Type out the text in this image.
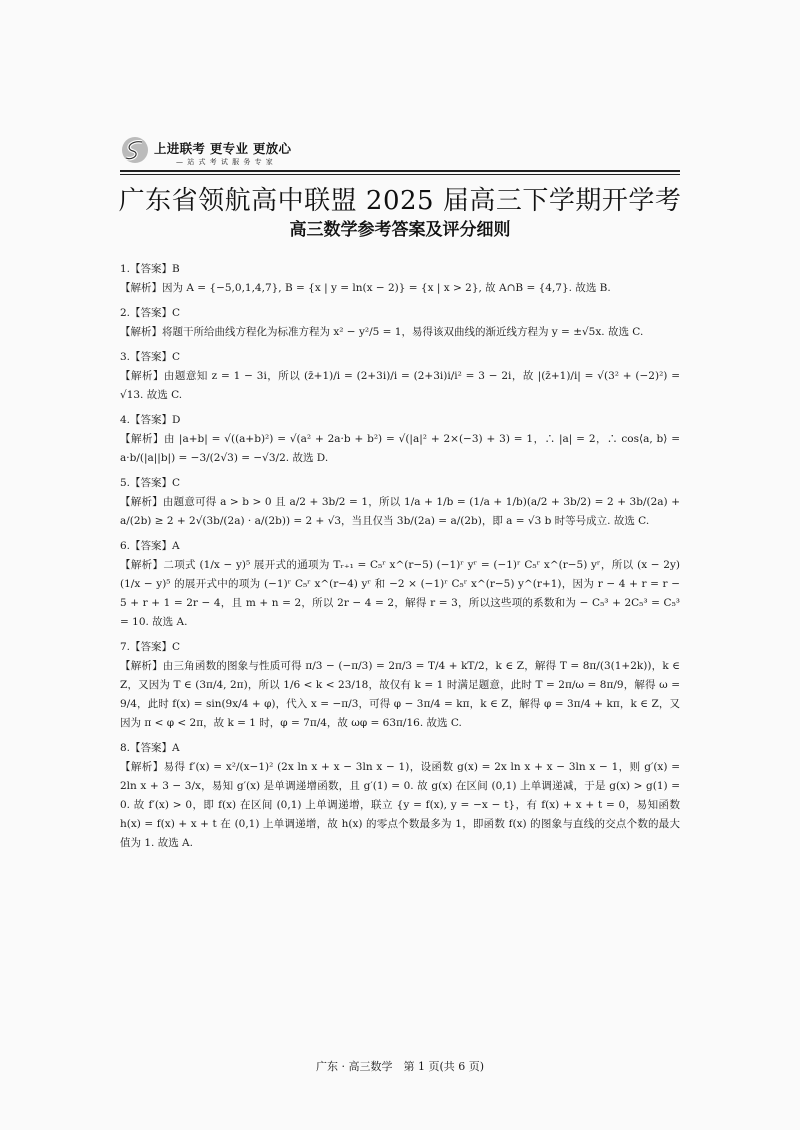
上进联考 更专业 更放心
— 站 式 考 试 服 务 专 家
广东省领航高中联盟 2025 届高三下学期开学考
高三数学参考答案及评分细则
1.【答案】B
【解析】因为 A = {−5,0,1,4,7}, B = {x | y = ln(x − 2)} = {x | x > 2}, 故 A∩B = {4,7}. 故选 B.
2.【答案】C
【解析】将题干所给曲线方程化为标准方程为 x² − y²/5 = 1，易得该双曲线的渐近线方程为 y = ±√5x. 故选 C.
3.【答案】C
【解析】由题意知 z = 1 − 3i，所以 (z̄+1)/i = (2+3i)/i = (2+3i)i/i² = 3 − 2i，故 |(z̄+1)/i| = √(3² + (−2)²) = √13. 故选 C.
4.【答案】D
【解析】由 |a+b| = √((a+b)²) = √(a² + 2a·b + b²) = √(|a|² + 2×(−3) + 3) = 1，∴ |a| = 2，∴ cos⟨a, b⟩ = a·b/(|a||b|) = −3/(2√3) = −√3/2. 故选 D.
5.【答案】C
【解析】由题意可得 a > b > 0 且 a/2 + 3b/2 = 1，所以 1/a + 1/b = (1/a + 1/b)(a/2 + 3b/2) = 2 + 3b/(2a) + a/(2b) ≥ 2 + 2√(3b/(2a) · a/(2b)) = 2 + √3，当且仅当 3b/(2a) = a/(2b)，即 a = √3 b 时等号成立. 故选 C.
6.【答案】A
【解析】二项式 (1/x − y)⁵ 展开式的通项为 Tᵣ₊₁ = C₅ʳ x^(r−5) (−1)ʳ yʳ = (−1)ʳ C₅ʳ x^(r−5) yʳ，所以 (x − 2y)(1/x − y)⁵ 的展开式中的项为 (−1)ʳ C₅ʳ x^(r−4) yʳ 和 −2 × (−1)ʳ C₅ʳ x^(r−5) y^(r+1)，因为 r − 4 + r = r − 5 + r + 1 = 2r − 4，且 m + n = 2，所以 2r − 4 = 2，解得 r = 3，所以这些项的系数和为 − C₅³ + 2C₅³ = C₅³ = 10. 故选 A.
7.【答案】C
【解析】由三角函数的图象与性质可得 π/3 − (−π/3) = 2π/3 = T/4 + kT/2，k ∈ Z，解得 T = 8π/(3(1+2k))，k ∈ Z，又因为 T ∈ (3π/4, 2π)，所以 1/6 < k < 23/18，故仅有 k = 1 时满足题意，此时 T = 2π/ω = 8π/9，解得 ω = 9/4，此时 f(x) = sin(9x/4 + φ)，代入 x = −π/3，可得 φ − 3π/4 = kπ，k ∈ Z，解得 φ = 3π/4 + kπ，k ∈ Z，又因为 π < φ < 2π，故 k = 1 时，φ = 7π/4，故 ωφ = 63π/16. 故选 C.
8.【答案】A
【解析】易得 f′(x) = x²/(x−1)² (2x ln x + x − 3ln x − 1)，设函数 g(x) = 2x ln x + x − 3ln x − 1，则 g′(x) = 2ln x + 3 − 3/x，易知 g′(x) 是单调递增函数，且 g′(1) = 0. 故 g(x) 在区间 (0,1) 上单调递减，于是 g(x) > g(1) = 0. 故 f′(x) > 0，即 f(x) 在区间 (0,1) 上单调递增，联立 {y = f(x), y = −x − t}，有 f(x) + x + t = 0，易知函数 h(x) = f(x) + x + t 在 (0,1) 上单调递增，故 h(x) 的零点个数最多为 1，即函数 f(x) 的图象与直线的交点个数的最大值为 1. 故选 A.
广东 · 高三数学　第 1 页(共 6 页)
